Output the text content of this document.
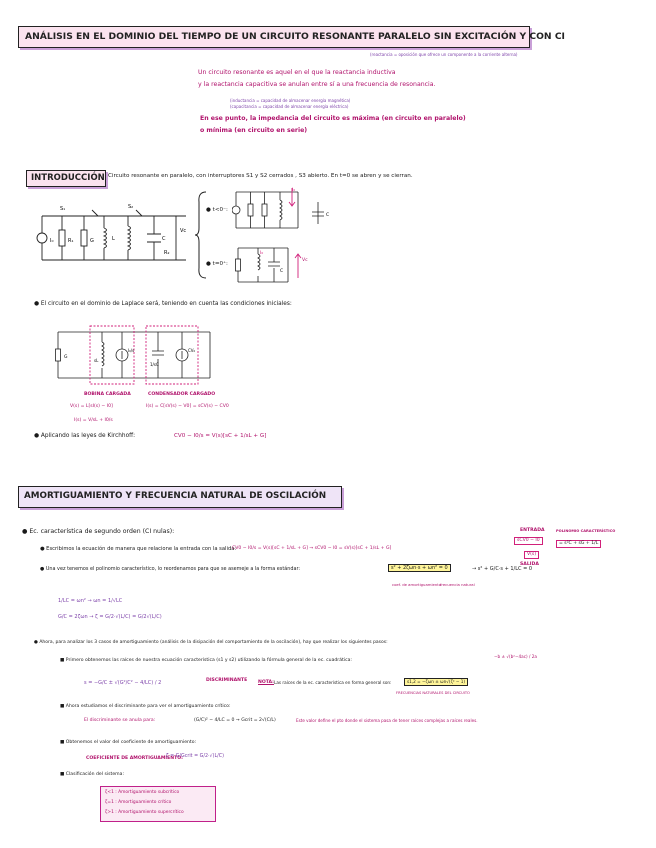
ANÁLISIS EN EL DOMINIO DEL TIEMPO DE UN CIRCUITO RESONANTE PARALELO SIN EXCITACIÓN Y CON CI
(reactancia = oposición que ofrece un componente a la corriente alterna)
(inductancia = capacidad de almacenar energía magnética)
(capacitancia = capacidad de almacenar energía eléctrica)
Un circuito resonante es aquel en el que la reactancia inductiva
y la reactancia capacitiva se anulan entre sí a una frecuencia de resonancia.
En ese punto, la impedancia del circuito es máxima (en circuito en paralelo)
o mínima (en circuito en serie)
INTRODUCCIÓN Circuito resonante en paralelo, con interruptores S1 y S2 cerrados , S3 abierto. En t=0 se abren y se cierran.
I₀	R₁	G	L	C
Vc
R₂
S₁	S₂	● t<0⁻:
I₀
C
● t=0⁺:
I₀
C
Vc
● El circuito en el dominio de Laplace será, teniendo en cuenta las condiciones iniciales:
G
sL
I₀/s
1/sC
CV₀
BOBINA CARGADA	CONDENSADOR CARGADO
V(s) = L[sI(s) − I0]
I(s) = V/sL + I0/s
I(s) = C[sV(s) − V0] = sCV(s) − CV0
● Aplicando las leyes de Kirchhoff:	CV0 − I0/s = V(s)[sC + 1/sL + G]
AMORTIGUAMIENTO Y FRECUENCIA NATURAL DE OSCILACIÓN
● Ec. característica de segundo orden (CI nulas):
● Escribimos la ecuación de manera que relacione la entrada con la salida:
CV0 − I0/s = V(s)[sC + 1/sL + G] → sCV0 − I0 = sV(s)[sC + 1/sL + G]
ENTRADA
sCV0 − I0
V(s)
SALIDA
POLINOMIO CARACTERÍSTICO
= s²C + sG + 1/L
● Una vez tenemos el polinomio característico, lo reordenamos para que se asemeje a la forma estándar:	s² + 2ζωn·s + ωn² = 0	→ s² + G/C·s + 1/LC = 0
coef. de amortiguamiento
frecuencia natural
1/LC = ωn² → ωn = 1/√LC
G/C = 2ζωn → ζ = G/2·√(L/C) = G/2√(L/C)
● Ahora, para analizar los 3 casos de amortiguamiento (análisis de la disipación del comportamiento de la oscilación), hay que realizar los siguientes pasos:
■ Primero obtenemos las raíces de nuestra ecuación característica (s1 y s2) utilizando la fórmula general de la ec. cuadrática:
−b ± √(b²−4ac) / 2a
s = −G/C ± √(G²/C² − 4/LC) / 2	DISCRIMINANTE NOTA: Las raíces de la ec. característica en forma general son:	s1,2 = −ζωn ± ωn√(ζ² − 1)
FRECUENCIAS NATURALES DEL CIRCUITO
■ Ahora estudiamos el discriminante para ver el amortiguamiento crítico:
El discriminante se anula para:	(G/C)² − 4/LC = 0 → Gcrit = 2√(C/L)	Este valor define el pto donde el sistema pasa de tener raíces complejas a raíces reales.
■ Obtenemos el valor del coeficiente de amortiguamiento:
COEFICIENTE DE AMORTIGUAMIENTO:
ζ = G/Gcrit = G/2·√(L/C)
■ Clasificación del sistema:
ζ<1 : Amortiguamiento subcrítico
ζ=1 : Amortiguamiento crítico
ζ>1 : Amortiguamiento supercrítico
